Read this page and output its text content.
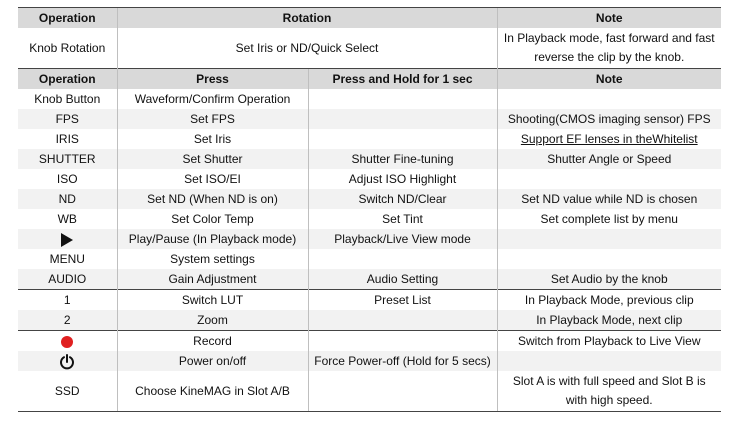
Operation	Rotation		Note
Knob Rotation	Set Iris or ND/Quick Select		In Playback mode, fast forward and fast
reverse the clip by the knob.
Operation	Press	Press and Hold for 1 sec	Note
Knob Button	Waveform/Confirm Operation		
FPS	Set FPS		Shooting(CMOS imaging sensor) FPS
IRIS	Set Iris		Support EF lenses in theWhitelist
SHUTTER	Set Shutter	Shutter Fine-tuning	Shutter Angle or Speed
ISO	Set ISO/EI	Adjust ISO Highlight	
ND	Set ND (When ND is on)	Switch ND/Clear	Set ND value while ND is chosen
WB	Set Color Temp	Set Tint	Set complete list by menu
	Play/Pause (In Playback mode)	Playback/Live View mode	
MENU	System settings		
AUDIO	Gain Adjustment	Audio Setting	Set Audio by the knob
1	Switch LUT	Preset List	In Playback Mode, previous clip
2	Zoom		In Playback Mode, next clip
	Record		Switch from Playback to Live View
	Power on/off	Force Power-off (Hold for 5 secs)	
SSD	Choose KineMAG in Slot A/B		Slot A is with full speed and Slot B is
with high speed.
